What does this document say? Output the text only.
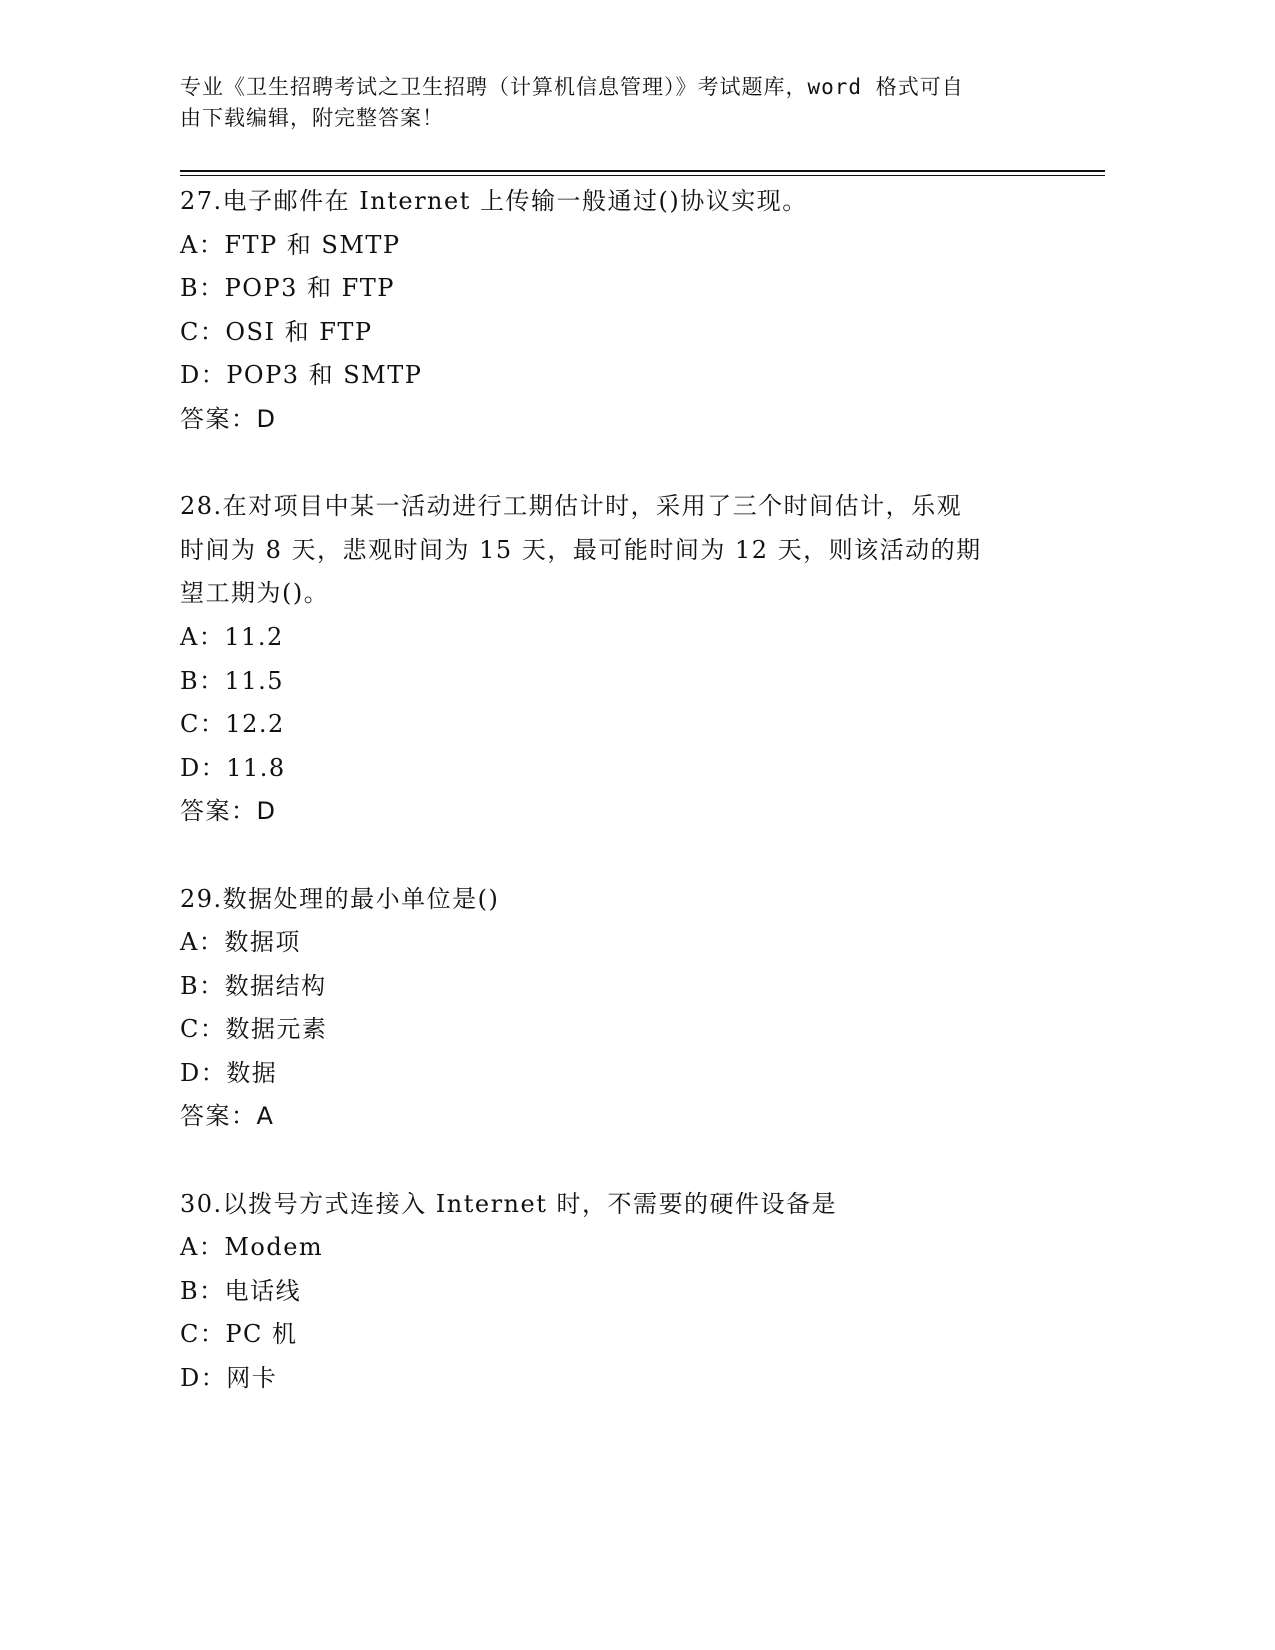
专业《卫生招聘考试之卫生招聘（计算机信息管理）》考试题库，word 格式可自
由下载编辑，附完整答案！
27.电子邮件在 Internet 上传输一般通过()协议实现。
A：FTP 和 SMTP
B：POP3 和 FTP
C：OSI 和 FTP
D：POP3 和 SMTP
答案：D
28.在对项目中某一活动进行工期估计时，采用了三个时间估计，乐观
时间为 8 天，悲观时间为 15 天，最可能时间为 12 天，则该活动的期
望工期为()。
A：11.2
B：11.5
C：12.2
D：11.8
答案：D
29.数据处理的最小单位是()
A：数据项
B：数据结构
C：数据元素
D：数据
答案：A
30.以拨号方式连接入 Internet 时，不需要的硬件设备是
A：Modem
B：电话线
C：PC 机
D：网卡
